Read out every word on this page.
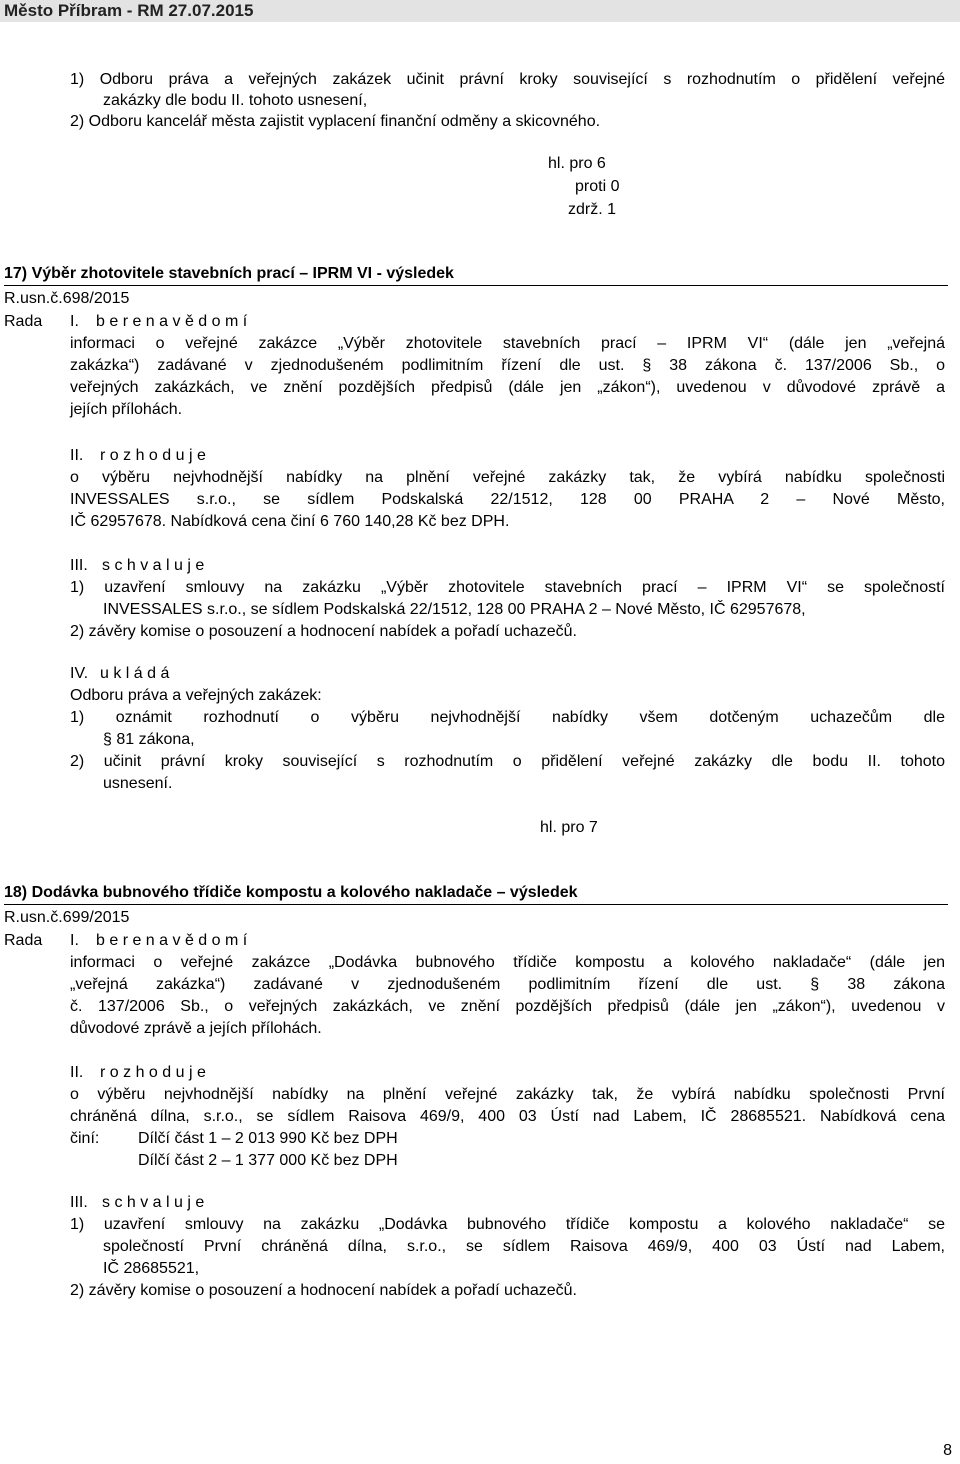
Město Příbram - RM 27.07.2015
1) Odboru práva a veřejných zakázek učinit právní kroky související s rozhodnutím o přidělení veřejné
zakázky dle bodu II. tohoto usnesení,
2) Odboru kancelář města zajistit vyplacení finanční odměny a skicovného.
hl. pro 6
proti 0
zdrž. 1
17) Výběr zhotovitele stavebních prací – IPRM VI - výsledek
R.usn.č.698/2015
Rada I. b e r e n a v ě d o m í
informaci o veřejné zakázce „Výběr zhotovitele stavebních prací – IPRM VI“ (dále jen „veřejná
zakázka“) zadávané v zjednodušeném podlimitním řízení dle ust. § 38 zákona č. 137/2006 Sb., o
veřejných zakázkách, ve znění pozdějších předpisů (dále jen „zákon“), uvedenou v důvodové zprávě a
jejích přílohách.
II. r o z h o d u j e
o výběru nejvhodnější nabídky na plnění veřejné zakázky tak, že vybírá nabídku společnosti
INVESSALES s.r.o., se sídlem Podskalská 22/1512, 128 00 PRAHA 2 – Nové Město,
IČ 62957678. Nabídková cena činí 6 760 140,28 Kč bez DPH.
III. s c h v a l u j e
1) uzavření smlouvy na zakázku „Výběr zhotovitele stavebních prací – IPRM VI“ se společností
INVESSALES s.r.o., se sídlem Podskalská 22/1512, 128 00 PRAHA 2 – Nové Město, IČ 62957678,
2) závěry komise o posouzení a hodnocení nabídek a pořadí uchazečů.
IV. u k l á d á
Odboru práva a veřejných zakázek:
1) oznámit rozhodnutí o výběru nejvhodnější nabídky všem dotčeným uchazečům dle
§ 81 zákona,
2) učinit právní kroky související s rozhodnutím o přidělení veřejné zakázky dle bodu II. tohoto
usnesení.
hl. pro 7
18) Dodávka bubnového třídiče kompostu a kolového nakladače – výsledek
R.usn.č.699/2015
Rada I. b e r e n a v ě d o m í
informaci o veřejné zakázce „Dodávka bubnového třídiče kompostu a kolového nakladače“ (dále jen
„veřejná zakázka“) zadávané v zjednodušeném podlimitním řízení dle ust. § 38 zákona
č. 137/2006 Sb., o veřejných zakázkách, ve znění pozdějších předpisů (dále jen „zákon“), uvedenou v
důvodové zprávě a jejích přílohách.
II. r o z h o d u j e
o výběru nejvhodnější nabídky na plnění veřejné zakázky tak, že vybírá nabídku společnosti První
chráněná dílna, s.r.o., se sídlem Raisova 469/9, 400 03 Ústí nad Labem, IČ 28685521. Nabídková cena
činí: Dílčí část 1 – 2 013 990 Kč bez DPH
Dílčí část 2 – 1 377 000 Kč bez DPH
III. s c h v a l u j e
1) uzavření smlouvy na zakázku „Dodávka bubnového třídiče kompostu a kolového nakladače“ se
společností První chráněná dílna, s.r.o., se sídlem Raisova 469/9, 400 03 Ústí nad Labem,
IČ 28685521,
2) závěry komise o posouzení a hodnocení nabídek a pořadí uchazečů.
8
